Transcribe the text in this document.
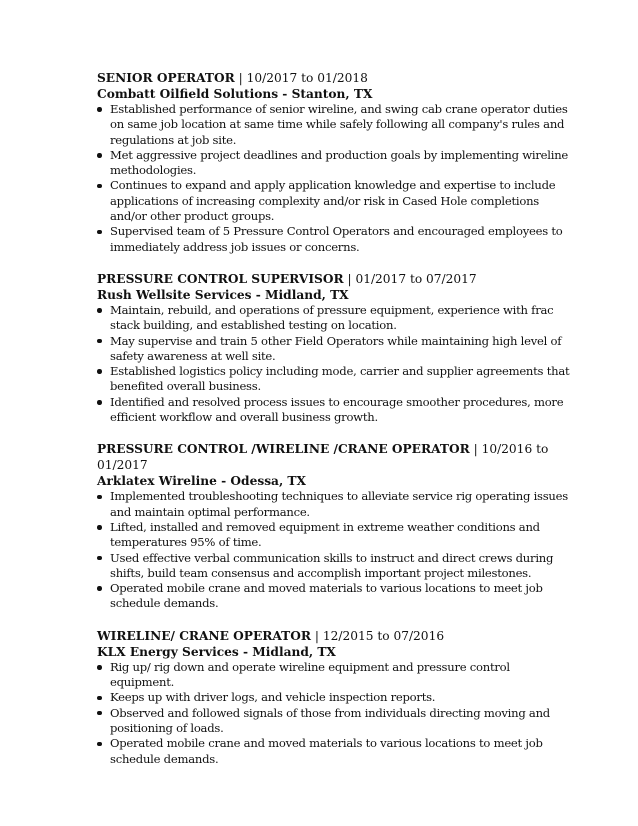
SENIOR OPERATOR | 10/2017 to 01/2018
Combatt Oilfield Solutions - Stanton, TX
Established performance of senior wireline, and swing cab crane operator duties on same job location at same time while safely following all company's rules and regulations at job site.
Met aggressive project deadlines and production goals by implementing wireline methodologies.
Continues to expand and apply application knowledge and expertise to include applications of increasing complexity and/or risk in Cased Hole completions and/or other product groups.
Supervised team of 5 Pressure Control Operators and encouraged employees to immediately address job issues or concerns.
PRESSURE CONTROL SUPERVISOR | 01/2017 to 07/2017
Rush Wellsite Services - Midland, TX
Maintain, rebuild, and operations of pressure equipment, experience with frac stack building, and established testing on location.
May supervise and train 5 other Field Operators while maintaining high level of safety awareness at well site.
Established logistics policy including mode, carrier and supplier agreements that benefited overall business.
Identified and resolved process issues to encourage smoother procedures, more efficient workflow and overall business growth.
PRESSURE CONTROL /WIRELINE /CRANE OPERATOR | 10/2016 to 01/2017
Arklatex Wireline - Odessa, TX
Implemented troubleshooting techniques to alleviate service rig operating issues and maintain optimal performance.
Lifted, installed and removed equipment in extreme weather conditions and temperatures 95% of time.
Used effective verbal communication skills to instruct and direct crews during shifts, build team consensus and accomplish important project milestones.
Operated mobile crane and moved materials to various locations to meet job schedule demands.
WIRELINE/ CRANE OPERATOR | 12/2015 to 07/2016
KLX Energy Services - Midland, TX
Rig up/ rig down and operate wireline equipment and pressure control equipment.
Keeps up with driver logs, and vehicle inspection reports.
Observed and followed signals of those from individuals directing moving and positioning of loads.
Operated mobile crane and moved materials to various locations to meet job schedule demands.
